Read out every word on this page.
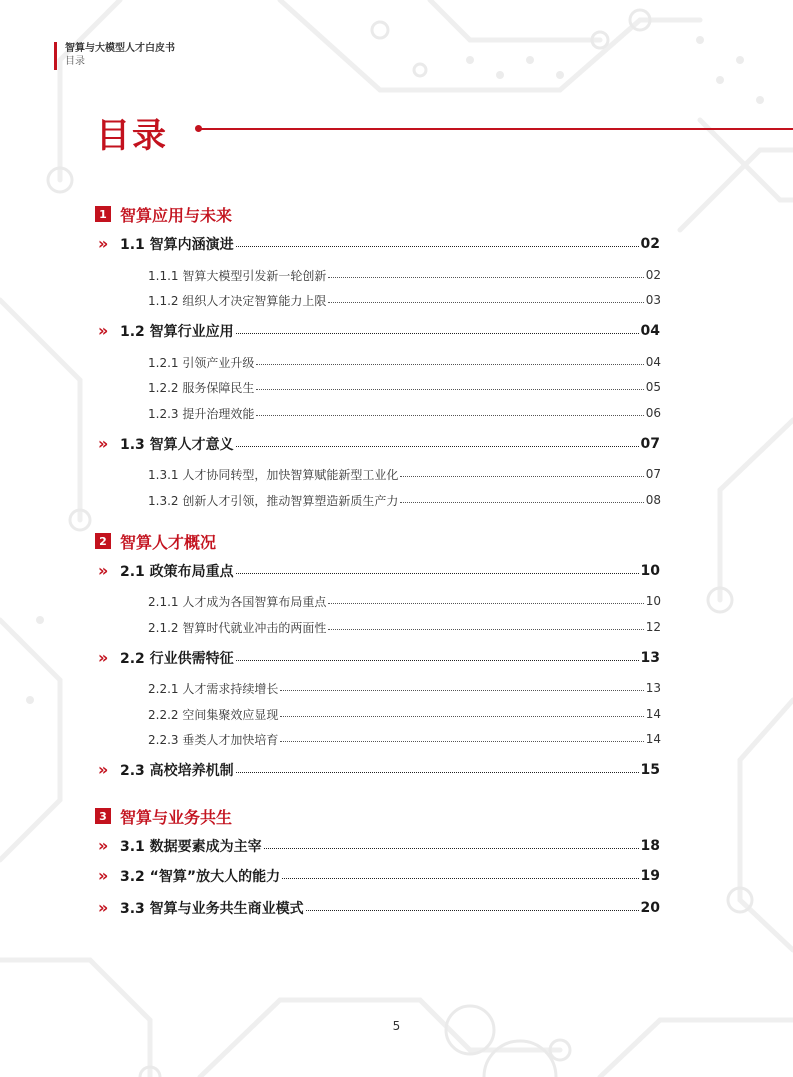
智算与大模型人才白皮书
目录
目录
1 智算应用与未来
» 1.1 智算内涵演进	02
1.1.1 智算大模型引发新一轮创新	02
1.1.2 组织人才决定智算能力上限	03
» 1.2 智算行业应用	04
1.2.1 引领产业升级	04
1.2.2 服务保障民生	05
1.2.3 提升治理效能	06
» 1.3 智算人才意义	07
1.3.1 人才协同转型，加快智算赋能新型工业化	07
1.3.2 创新人才引领，推动智算塑造新质生产力	08
2 智算人才概况
» 2.1 政策布局重点	10
2.1.1 人才成为各国智算布局重点	10
2.1.2 智算时代就业冲击的两面性	12
» 2.2 行业供需特征	13
2.2.1 人才需求持续增长	13
2.2.2 空间集聚效应显现	14
2.2.3 垂类人才加快培育	14
» 2.3 高校培养机制	15
3 智算与业务共生
» 3.1 数据要素成为主宰	18
» 3.2 “智算”放大人的能力	19
» 3.3 智算与业务共生商业模式	20
5
